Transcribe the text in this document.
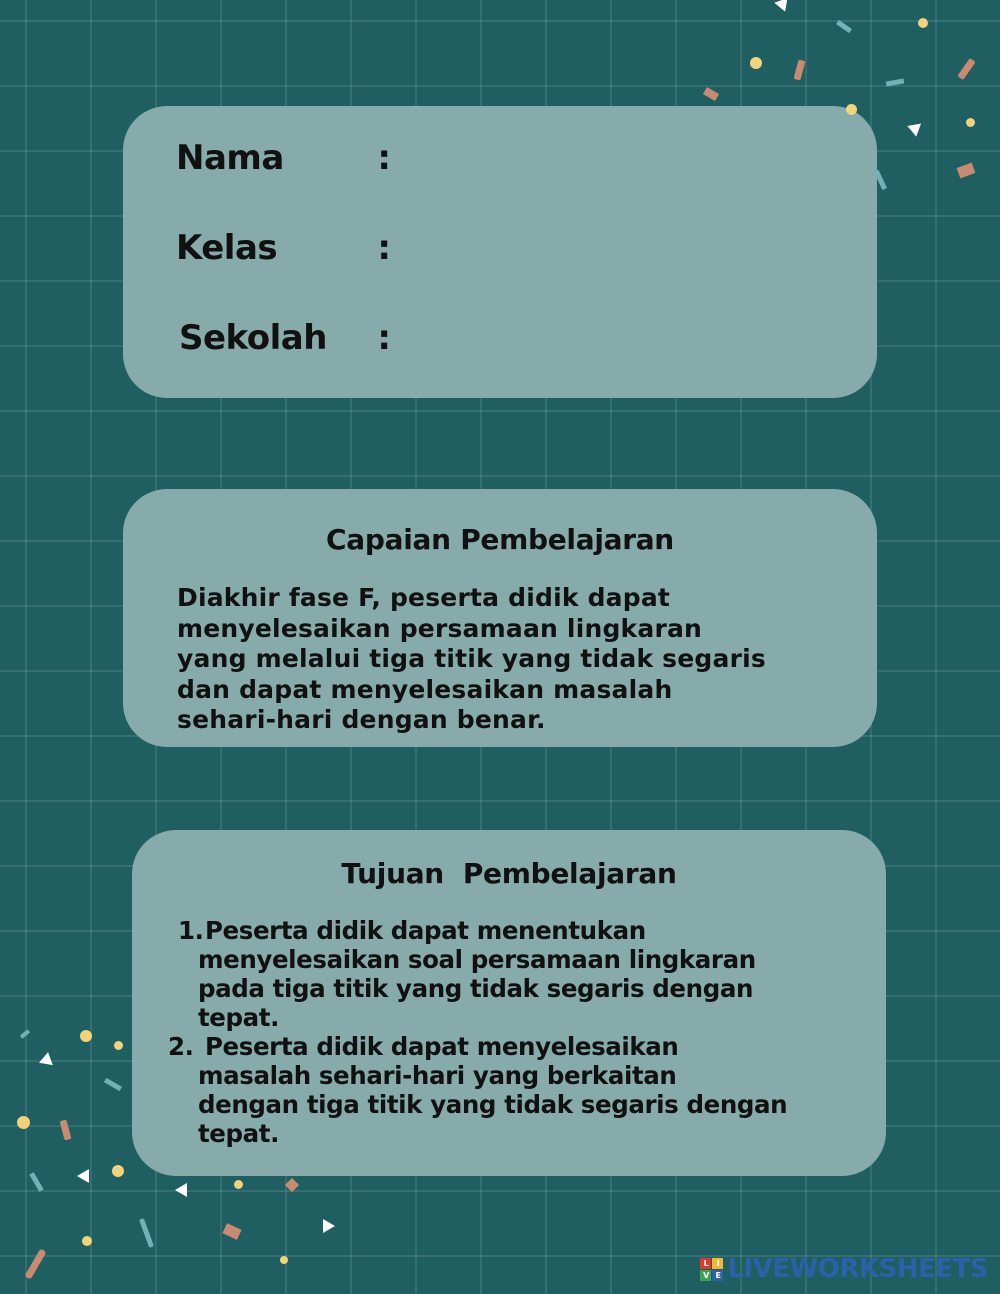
Nama	:
Kelas	:
Sekolah :
Capaian Pembelajaran
Diakhir fase F, peserta didik dapat
menyelesaikan persamaan lingkaran
yang melalui tiga titik yang tidak segaris
dan dapat menyelesaikan masalah
sehari-hari dengan benar.
Tujuan  Pembelajaran
1. Peserta didik dapat menentukan
menyelesaikan soal persamaan lingkaran
pada tiga titik yang tidak segaris dengan
tepat.
2. Peserta didik dapat menyelesaikan
masalah sehari-hari yang berkaitan
dengan tiga titik yang tidak segaris dengan
tepat.
L	I
V E LIVEWORKSHEETS
